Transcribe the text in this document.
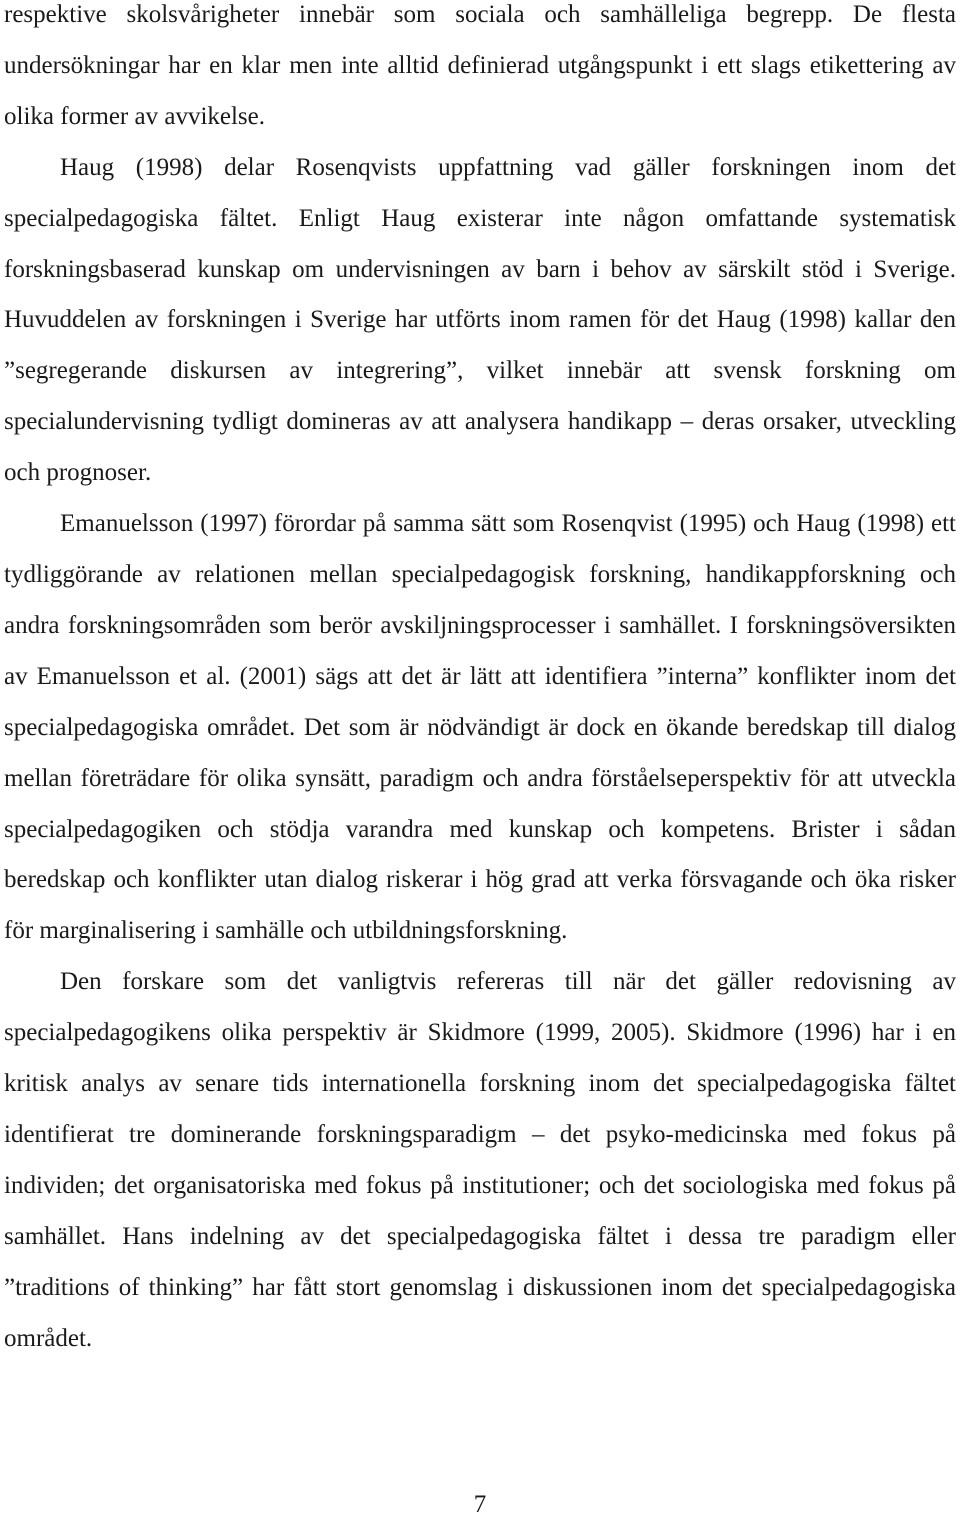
respektive skolsvårigheter innebär som sociala och samhälleliga begrepp. De flesta undersökningar har en klar men inte alltid definierad utgångspunkt i ett slags etikettering av olika former av avvikelse.

Haug (1998) delar Rosenqvists uppfattning vad gäller forskningen inom det specialpedagogiska fältet. Enligt Haug existerar inte någon omfattande systematisk forskningsbaserad kunskap om undervisningen av barn i behov av särskilt stöd i Sverige. Huvuddelen av forskningen i Sverige har utförts inom ramen för det Haug (1998) kallar den ”segregerande diskursen av integrering”, vilket innebär att svensk forskning om specialundervisning tydligt domineras av att analysera handikapp – deras orsaker, utveckling och prognoser.

Emanuelsson (1997) förordar på samma sätt som Rosenqvist (1995) och Haug (1998) ett tydliggörande av relationen mellan specialpedagogisk forskning, handikappforskning och andra forskningsområden som berör avskiljningsprocesser i samhället. I forskningsöversikten av Emanuelsson et al. (2001) sägs att det är lätt att identifiera ”interna” konflikter inom det specialpedagogiska området. Det som är nödvändigt är dock en ökande beredskap till dialog mellan företrädare för olika synsätt, paradigm och andra förståelseperspektiv för att utveckla specialpedagogiken och stödja varandra med kunskap och kompetens. Brister i sådan beredskap och konflikter utan dialog riskerar i hög grad att verka försvagande och öka risker för marginalisering i samhälle och utbildningsforskning.

Den forskare som det vanligtvis refereras till när det gäller redovisning av specialpedagogikens olika perspektiv är Skidmore (1999, 2005). Skidmore (1996) har i en kritisk analys av senare tids internationella forskning inom det specialpedagogiska fältet identifierat tre dominerande forskningsparadigm – det psyko-medicinska med fokus på individen; det organisatoriska med fokus på institutioner; och det sociologiska med fokus på samhället. Hans indelning av det specialpedagogiska fältet i dessa tre paradigm eller ”traditions of thinking” har fått stort genomslag i diskussionen inom det specialpedagogiska området.

7
